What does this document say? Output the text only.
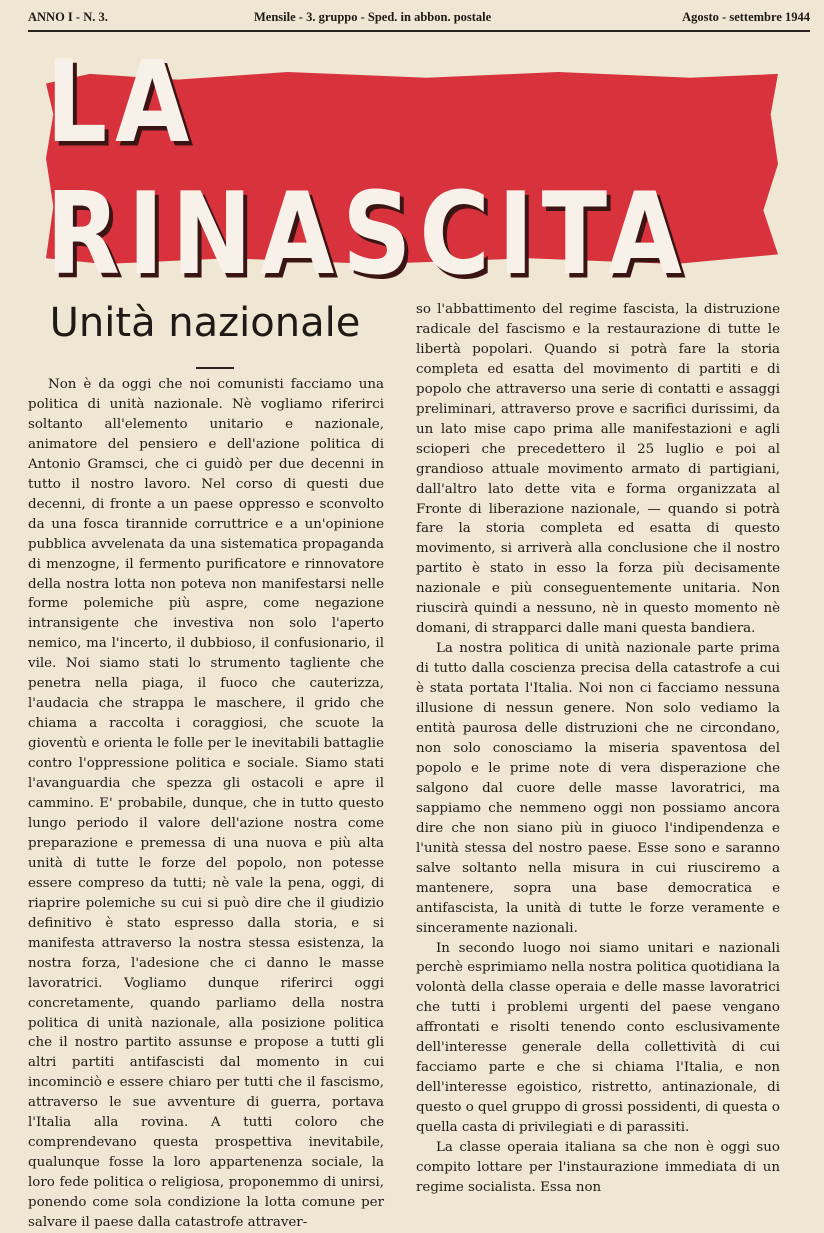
ANNO I - N. 3.	Mensile - 3. gruppo - Sped. in abbon. postale	Agosto - settembre 1944
LA RINASCITA
Unità nazionale

Non è da oggi che noi comunisti facciamo una politica di unità nazionale. Nè vogliamo riferirci soltanto all'elemento unitario e nazionale, animatore del pensiero e dell'azione politica di Antonio Gramsci, che ci guidò per due decenni in tutto il nostro lavoro. Nel corso di questi due decenni, di fronte a un paese oppresso e sconvolto da una fosca tirannide corruttrice e a un'opinione pubblica avvelenata da una sistematica propaganda di menzogne, il fermento purificatore e rinnovatore della nostra lotta non poteva non manifestarsi nelle forme polemiche più aspre, come negazione intransigente che investiva non solo l'aperto nemico, ma l'incerto, il dubbioso, il confusionario, il vile. Noi siamo stati lo strumento tagliente che penetra nella piaga, il fuoco che cauterizza, l'audacia che strappa le maschere, il grido che chiama a raccolta i coraggiosi, che scuote la gioventù e orienta le folle per le inevitabili battaglie contro l'oppressione politica e sociale. Siamo stati l'avanguardia che spezza gli ostacoli e apre il cammino. E' probabile, dunque, che in tutto questo lungo periodo il valore dell'azione nostra come preparazione e premessa di una nuova e più alta unità di tutte le forze del popolo, non potesse essere compreso da tutti; nè vale la pena, oggi, di riaprire polemiche su cui si può dire che il giudizio definitivo è stato espresso dalla storia, e si manifesta attraverso la nostra stessa esistenza, la nostra forza, l'adesione che ci danno le masse lavoratrici. Vogliamo dunque riferirci oggi concretamente, quando parliamo della nostra politica di unità nazionale, alla posizione politica che il nostro partito assunse e propose a tutti gli altri partiti antifascisti dal momento in cui incominciò e essere chiaro per tutti che il fascismo, attraverso le sue avventure di guerra, portava l'Italia alla rovina. A tutti coloro che comprendevano questa prospettiva inevitabile, qualunque fosse la loro appartenenza sociale, la loro fede politica o religiosa, proponemmo di unirsi, ponendo come sola condizione la lotta comune per salvare il paese dalla catastrofe attraver-

so l'abbattimento del regime fascista, la distruzione radicale del fascismo e la restaurazione di tutte le libertà popolari. Quando si potrà fare la storia completa ed esatta del movimento di partiti e di popolo che attraverso una serie di contatti e assaggi preliminari, attraverso prove e sacrifici durissimi, da un lato mise capo prima alle manifestazioni e agli scioperi che precedettero il 25 luglio e poi al grandioso attuale movimento armato di partigiani, dall'altro lato dette vita e forma organizzata al Fronte di liberazione nazionale, — quando si potrà fare la storia completa ed esatta di questo movimento, si arriverà alla conclusione che il nostro partito è stato in esso la forza più decisamente nazionale e più conseguentemente unitaria. Non riuscirà quindi a nessuno, nè in questo momento nè domani, di strapparci dalle mani questa bandiera.

La nostra politica di unità nazionale parte prima di tutto dalla coscienza precisa della catastrofe a cui è stata portata l'Italia. Noi non ci facciamo nessuna illusione di nessun genere. Non solo vediamo la entità paurosa delle distruzioni che ne circondano, non solo conosciamo la miseria spaventosa del popolo e le prime note di vera disperazione che salgono dal cuore delle masse lavoratrici, ma sappiamo che nemmeno oggi non possiamo ancora dire che non siano più in giuoco l'indipendenza e l'unità stessa del nostro paese. Esse sono e saranno salve soltanto nella misura in cui riusciremo a mantenere, sopra una base democratica e antifascista, la unità di tutte le forze veramente e sinceramente nazionali.

In secondo luogo noi siamo unitari e nazionali perchè esprimiamo nella nostra politica quotidiana la volontà della classe operaia e delle masse lavoratrici che tutti i problemi urgenti del paese vengano affrontati e risolti tenendo conto esclusivamente dell'interesse generale della collettività di cui facciamo parte e che si chiama l'Italia, e non dell'interesse egoistico, ristretto, antinazionale, di questo o quel gruppo di grossi possidenti, di questa o quella casta di privilegiati e di parassiti.

La classe operaia italiana sa che non è oggi suo compito lottare per l'instaurazione immediata di un regime socialista. Essa non
